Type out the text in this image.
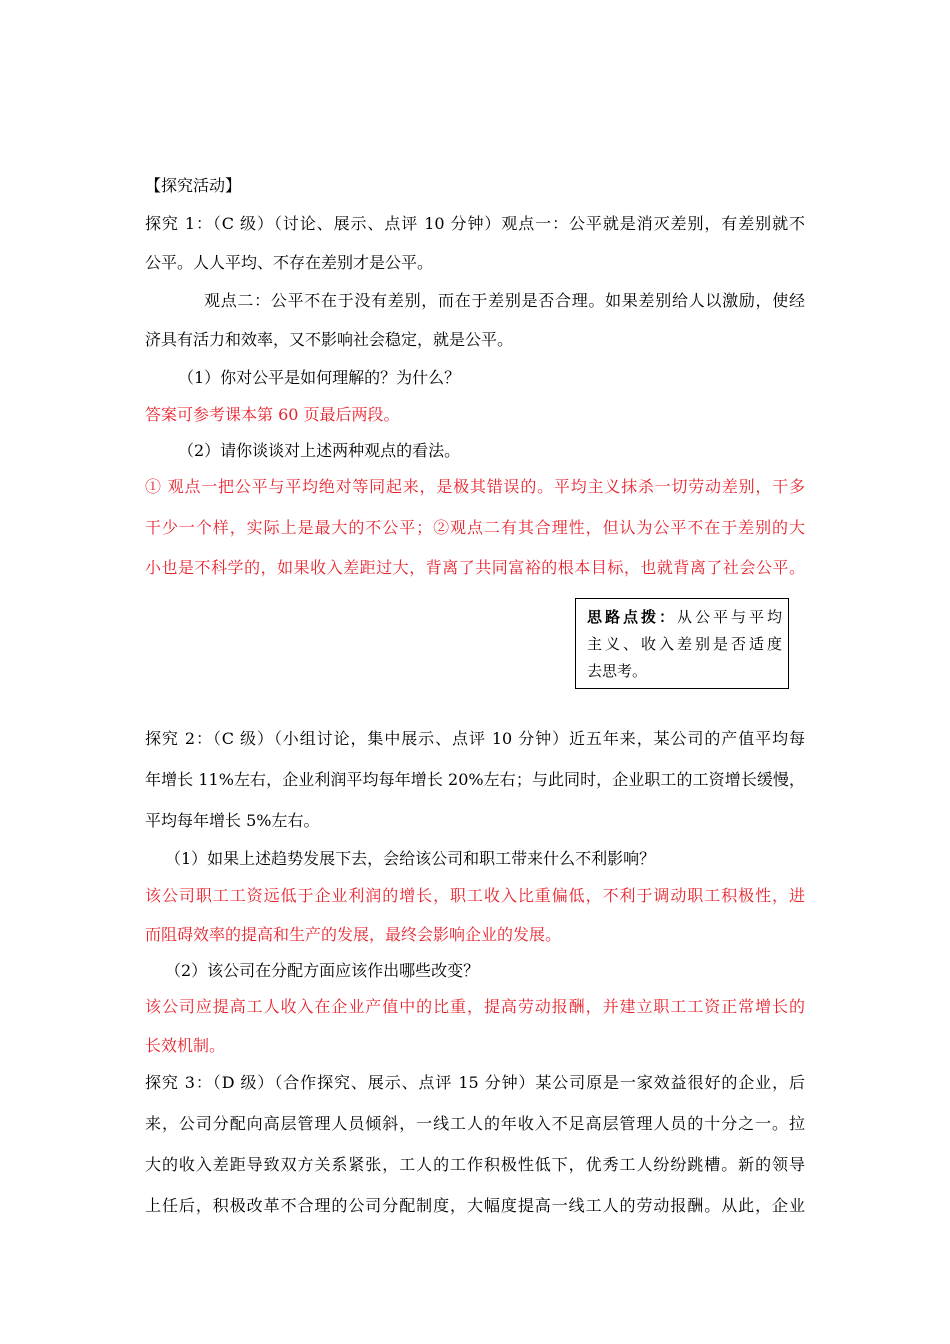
【探究活动】
探究 1：（C 级）（讨论、展示、点评 10 分钟）观点一：公平就是消灭差别，有差别就不
公平。人人平均、不存在差别才是公平。
观点二：公平不在于没有差别，而在于差别是否合理。如果差别给人以激励，使经
济具有活力和效率，又不影响社会稳定，就是公平。
（1）你对公平是如何理解的？为什么？
答案可参考课本第 60 页最后两段。
（2）请你谈谈对上述两种观点的看法。
① 观点一把公平与平均绝对等同起来，是极其错误的。平均主义抹杀一切劳动差别，干多
干少一个样，实际上是最大的不公平；②观点二有其合理性，但认为公平不在于差别的大
小也是不科学的，如果收入差距过大，背离了共同富裕的根本目标，也就背离了社会公平。
思路点拨：从公平与平均
主义、收入差别是否适度
去思考。
探究 2：（C 级）（小组讨论，集中展示、点评 10 分钟）近五年来，某公司的产值平均每
年增长 11%左右，企业利润平均每年增长 20%左右；与此同时，企业职工的工资增长缓慢，
平均每年增长 5%左右。
（1）如果上述趋势发展下去，会给该公司和职工带来什么不利影响？
该公司职工工资远低于企业利润的增长，职工收入比重偏低，不利于调动职工积极性，进
而阻碍效率的提高和生产的发展，最终会影响企业的发展。
（2）该公司在分配方面应该作出哪些改变？
该公司应提高工人收入在企业产值中的比重，提高劳动报酬，并建立职工工资正常增长的
长效机制。
探究 3：（D 级）（合作探究、展示、点评 15 分钟）某公司原是一家效益很好的企业，后
来，公司分配向高层管理人员倾斜，一线工人的年收入不足高层管理人员的十分之一。拉
大的收入差距导致双方关系紧张，工人的工作积极性低下，优秀工人纷纷跳槽。新的领导
上任后，积极改革不合理的公司分配制度，大幅度提高一线工人的劳动报酬。从此，企业
